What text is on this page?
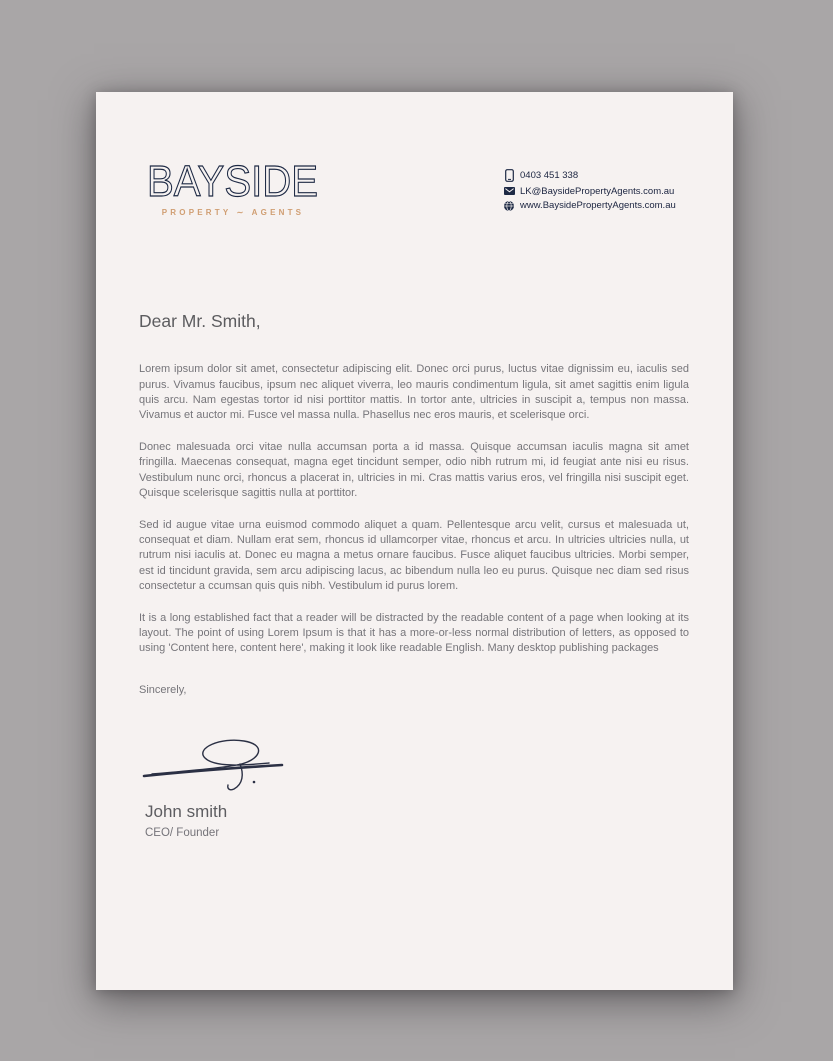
BAYSIDE
PROPERTY ∼ AGENTS
0403 451 338
LK@BaysidePropertyAgents.com.au
www.BaysidePropertyAgents.com.au

Dear Mr. Smith,

Lorem ipsum dolor sit amet, consectetur adipiscing elit. Donec orci purus, luctus vitae dignissim eu, iaculis sed purus. Vivamus faucibus, ipsum nec aliquet viverra, leo mauris condimentum ligula, sit amet sagittis enim ligula quis arcu. Nam egestas tortor id nisi porttitor mattis. In tortor ante, ultricies in suscipit a, tempus non massa. Vivamus et auctor mi. Fusce vel massa nulla. Phasellus nec eros mauris, et scelerisque orci.

Donec malesuada orci vitae nulla accumsan porta a id massa. Quisque accumsan iaculis magna sit amet fringilla. Maecenas consequat, magna eget tincidunt semper, odio nibh rutrum mi, id feugiat ante nisi eu risus. Vestibulum nunc orci, rhoncus a placerat in, ultricies in mi. Cras mattis varius eros, vel fringilla nisi suscipit eget. Quisque scelerisque sagittis nulla at porttitor.

Sed id augue vitae urna euismod commodo aliquet a quam. Pellentesque arcu velit, cursus et malesuada ut, consequat et diam. Nullam erat sem, rhoncus id ullamcorper vitae, rhoncus et arcu. In ultricies ultricies nulla, ut rutrum nisi iaculis at. Donec eu magna a metus ornare faucibus. Fusce aliquet faucibus ultricies. Morbi semper, est id tincidunt gravida, sem arcu adipiscing lacus, ac bibendum nulla leo eu purus. Quisque nec diam sed risus consectetur a ccumsan quis quis nibh. Vestibulum id purus lorem.

It is a long established fact that a reader will be distracted by the readable content of a page when looking at its layout. The point of using Lorem Ipsum is that it has a more-or-less normal distribution of letters, as opposed to using 'Content here, content here', making it look like readable English. Many desktop publishing packages

Sincerely,

John smith
CEO/ Founder
